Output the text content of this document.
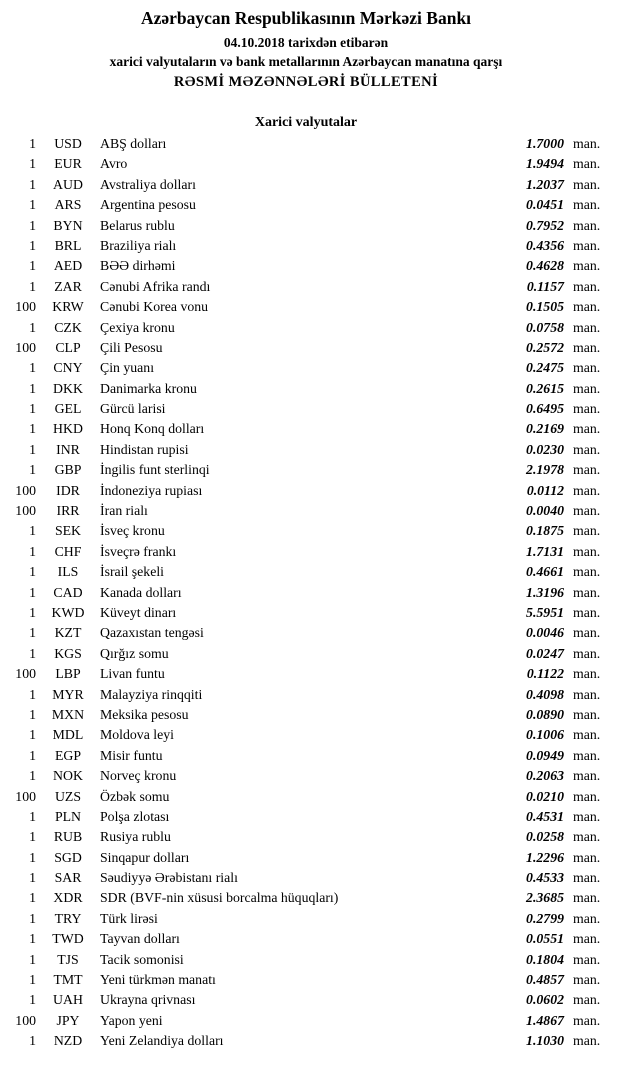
Azərbaycan Respublikasının Mərkəzi Bankı
04.10.2018 tarixdən etibarən
xarici valyutaların və bank metallarının Azərbaycan manatına qarşı
RƏSMİ MƏZƏNNƏLƏRİ BÜLLETENİ
Xarici valyutalar
1	USD	ABŞ dolları	1.7000 man.
1	EUR	Avro	1.9494 man.
1	AUD	Avstraliya dolları	1.2037 man.
1	ARS	Argentina pesosu	0.0451 man.
1	BYN	Belarus rublu	0.7952 man.
1	BRL	Braziliya rialı	0.4356 man.
1	AED	BƏƏ dirhəmi	0.4628 man.
1	ZAR	Cənubi Afrika randı	0.1157 man.
100	KRW	Cənubi Korea vonu	0.1505 man.
1	CZK	Çexiya kronu	0.0758 man.
100	CLP	Çili Pesosu	0.2572 man.
1	CNY	Çin yuanı	0.2475 man.
1	DKK	Danimarka kronu	0.2615 man.
1	GEL	Gürcü larisi	0.6495 man.
1	HKD	Honq Konq dolları	0.2169 man.
1	INR	Hindistan rupisi	0.0230 man.
1	GBP	İngilis funt sterlinqi	2.1978 man.
100	IDR	İndoneziya rupiası	0.0112 man.
100	IRR	İran rialı	0.0040 man.
1	SEK	İsveç kronu	0.1875 man.
1	CHF	İsveçrə frankı	1.7131 man.
1	ILS	İsrail şekeli	0.4661 man.
1	CAD	Kanada dolları	1.3196 man.
1	KWD	Küveyt dinarı	5.5951 man.
1	KZT	Qazaxıstan tengəsi	0.0046 man.
1	KGS	Qırğız somu	0.0247 man.
100	LBP	Livan funtu	0.1122 man.
1	MYR	Malayziya rinqqiti	0.4098 man.
1	MXN	Meksika pesosu	0.0890 man.
1	MDL	Moldova leyi	0.1006 man.
1	EGP	Misir funtu	0.0949 man.
1	NOK	Norveç kronu	0.2063 man.
100	UZS	Özbək somu	0.0210 man.
1	PLN	Polşa zlotası	0.4531 man.
1	RUB	Rusiya rublu	0.0258 man.
1	SGD	Sinqapur dolları	1.2296 man.
1	SAR	Səudiyyə Ərəbistanı rialı	0.4533 man.
1	XDR	SDR (BVF-nin xüsusi borcalma hüquqları)	2.3685 man.
1	TRY	Türk lirəsi	0.2799 man.
1	TWD	Tayvan dolları	0.0551 man.
1	TJS	Tacik somonisi	0.1804 man.
1	TMT	Yeni türkmən manatı	0.4857 man.
1	UAH	Ukrayna qrivnası	0.0602 man.
100	JPY	Yapon yeni	1.4867 man.
1	NZD	Yeni Zelandiya dolları	1.1030 man.
